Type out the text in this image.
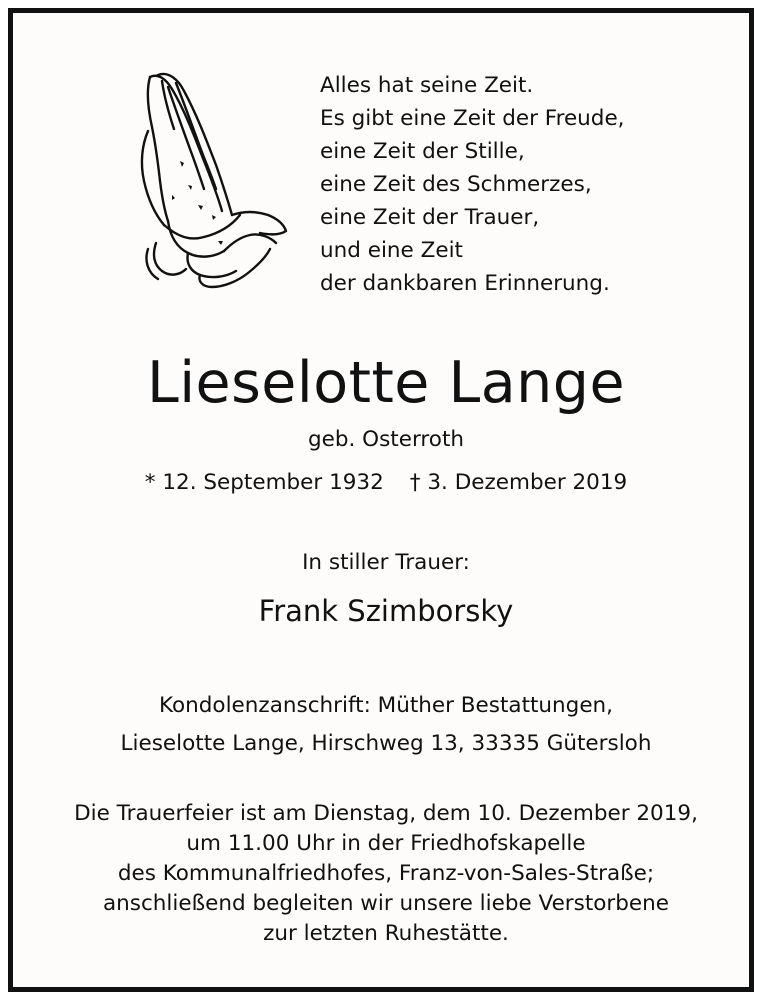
Alles hat seine Zeit.
Es gibt eine Zeit der Freude,
eine Zeit der Stille,
eine Zeit des Schmerzes,
eine Zeit der Trauer,
und eine Zeit
der dankbaren Erinnerung.
Lieselotte Lange
geb. Osterroth
* 12. September 1932 † 3. Dezember 2019
In stiller Trauer:
Frank Szimborsky
Kondolenzanschrift: Müther Bestattungen,
Lieselotte Lange, Hirschweg 13, 33335 Gütersloh
Die Trauerfeier ist am Dienstag, dem 10. Dezember 2019,
um 11.00 Uhr in der Friedhofskapelle
des Kommunalfriedhofes, Franz-von-Sales-Straße;
anschließend begleiten wir unsere liebe Verstorbene
zur letzten Ruhestätte.
